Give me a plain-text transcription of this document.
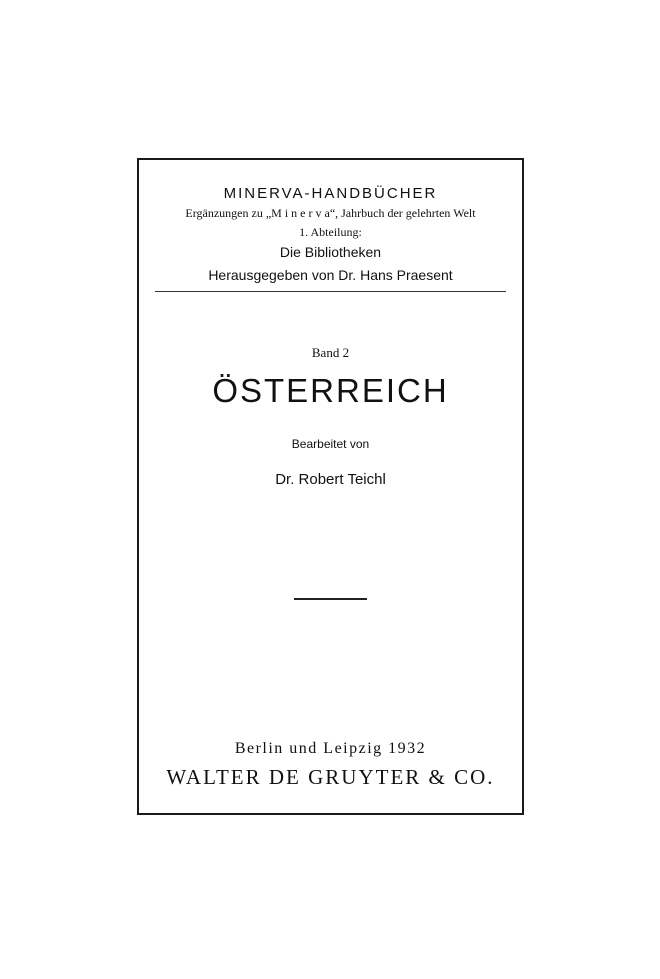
MINERVA-HANDBÜCHER
Ergänzungen zu „M i n e r v a“, Jahrbuch der gelehrten Welt
1. Abteilung:
Die Bibliotheken
Herausgegeben von Dr. Hans Praesent
Band 2
ÖSTERREICH
Bearbeitet von
Dr. Robert Teichl
Berlin und Leipzig 1932
WALTER DE GRUYTER & CO.
